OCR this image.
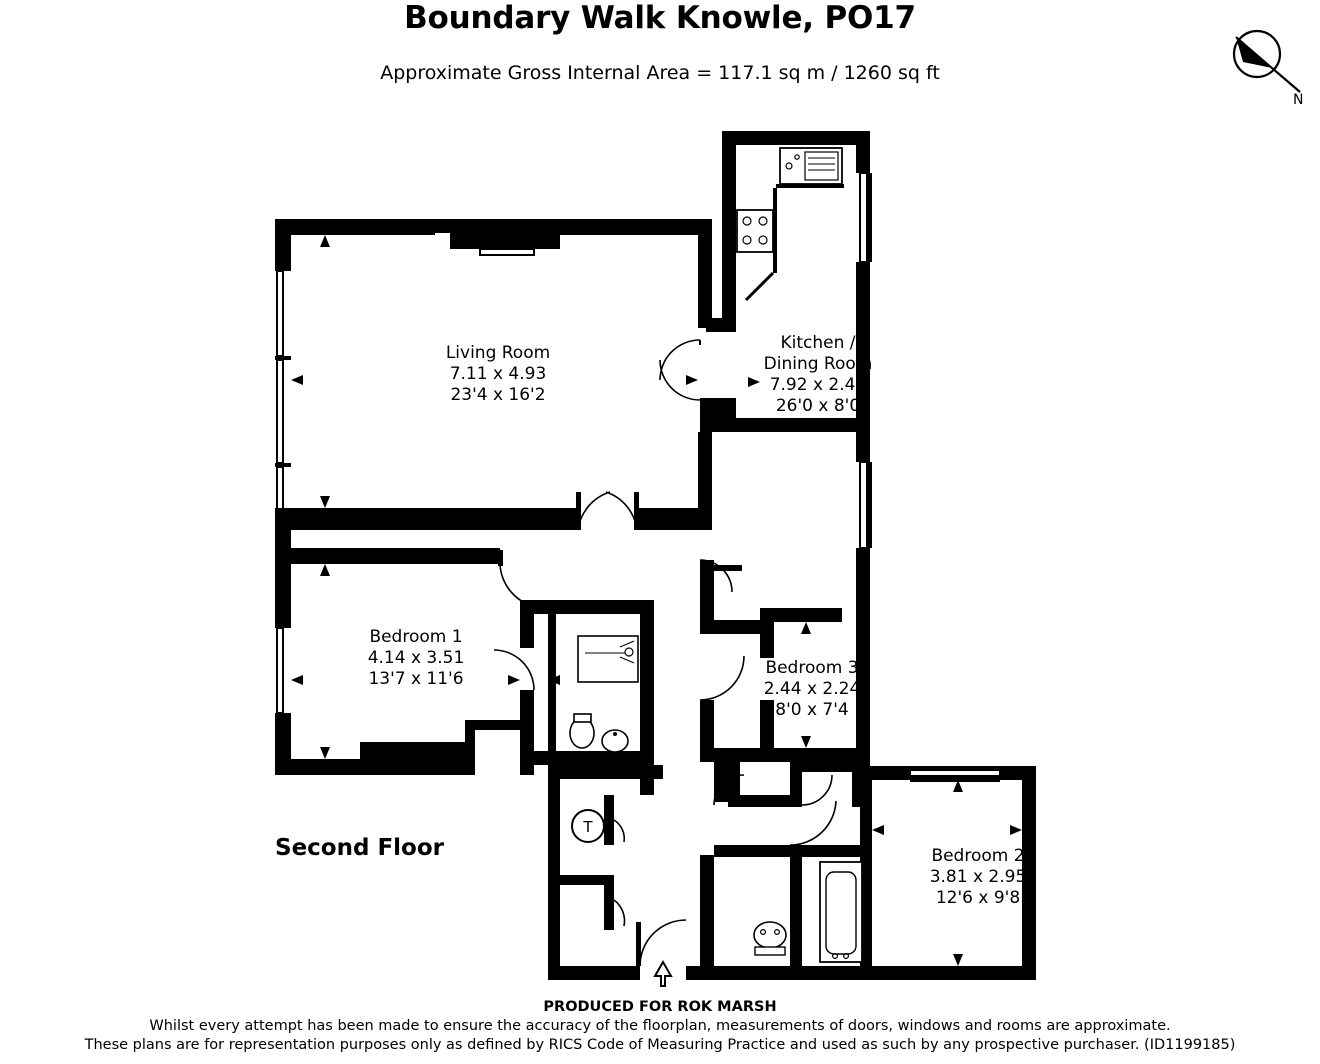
Boundary Walk Knowle, PO17
Approximate Gross Internal Area = 117.1 sq m / 1260 sq ft
N
T
Living Room
7.11 x 4.93
23'4 x 16'2
Kitchen /
Dining Room
7.92 x 2.44
26'0 x 8'0
Bedroom 1
4.14 x 3.51
13'7 x 11'6
Bedroom 3
2.44 x 2.24
8'0 x 7'4
Bedroom 2
3.81 x 2.95
12'6 x 9'8
Second Floor
PRODUCED FOR ROK MARSH
Whilst every attempt has been made to ensure the accuracy of the floorplan, measurements of doors, windows and rooms are approximate.
These plans are for representation purposes only as defined by RICS Code of Measuring Practice and used as such by any prospective purchaser. (ID1199185)
